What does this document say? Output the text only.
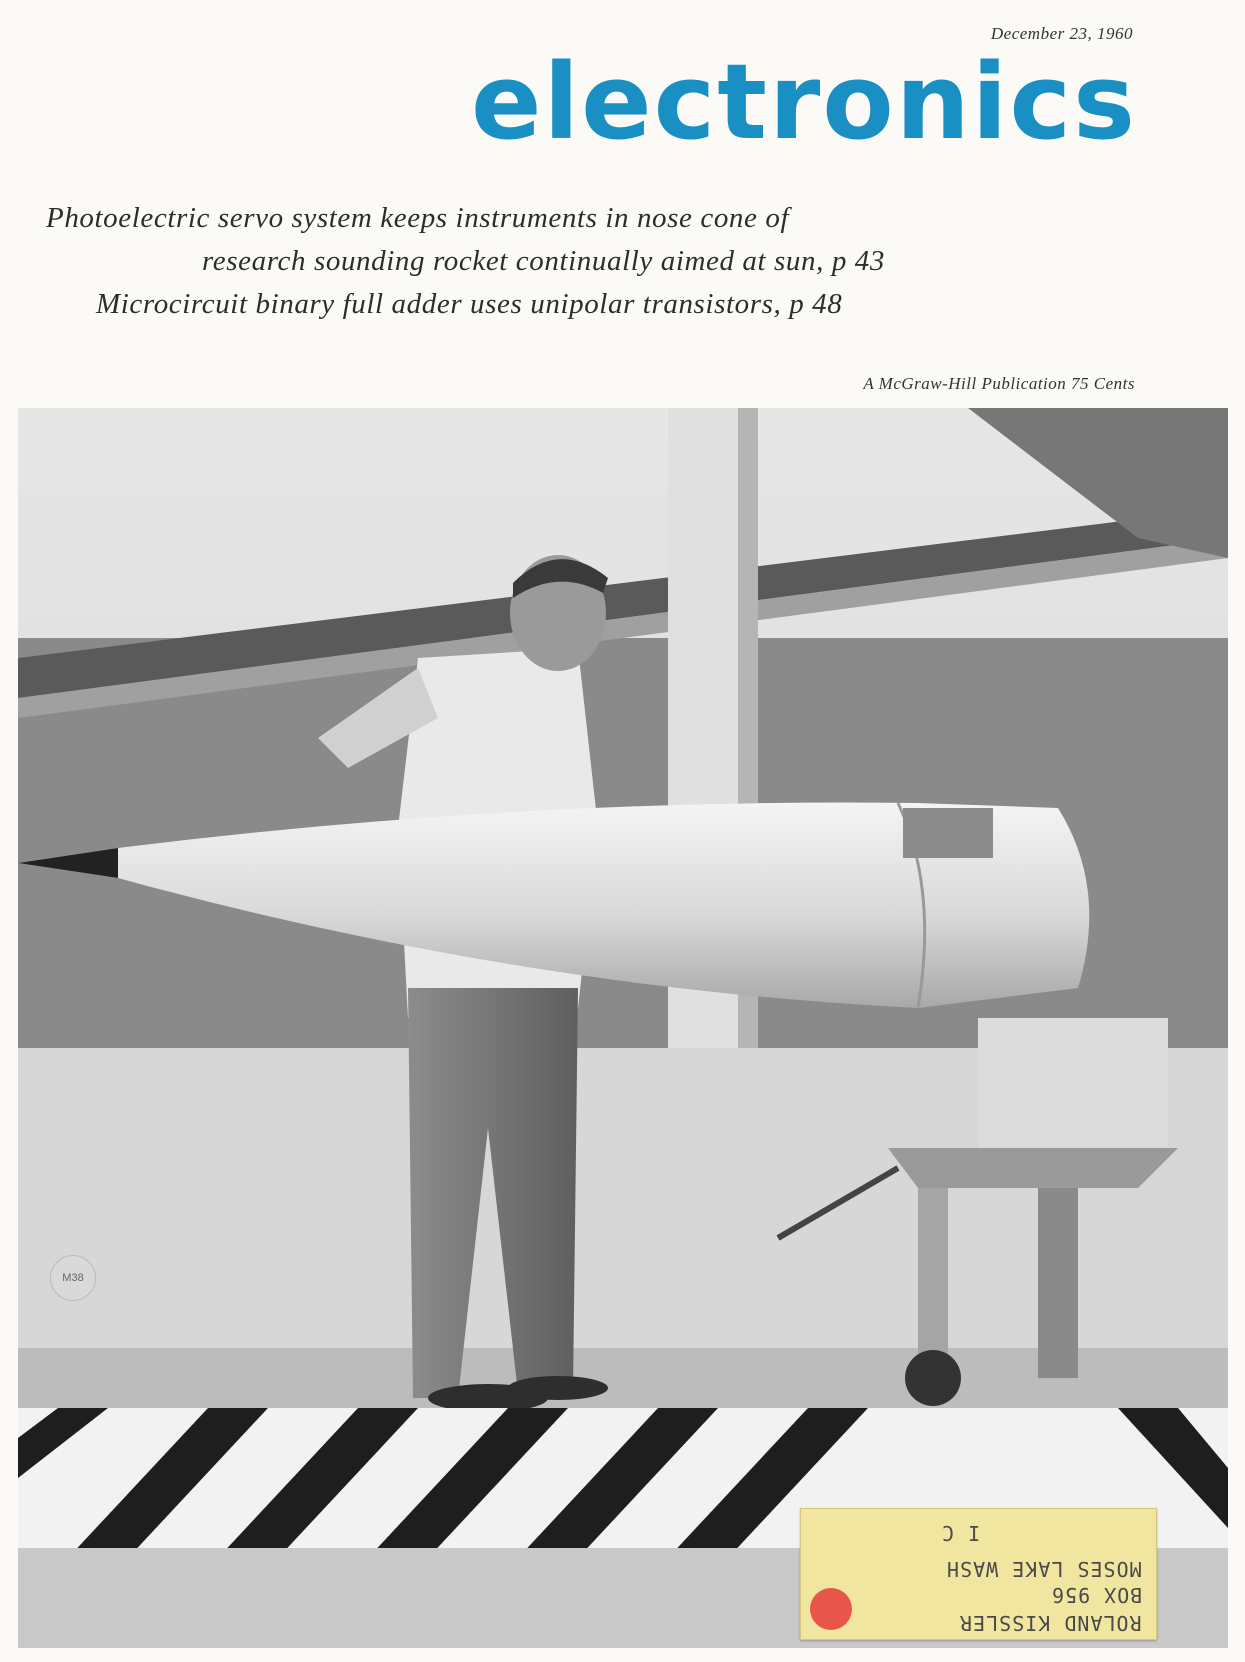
December 23, 1960
electronics
Photoelectric servo system keeps instruments in nose cone of
research sounding rocket continually aimed at sun, p 43
Microcircuit binary full adder uses unipolar transistors, p 48
A McGraw-Hill Publication 75 Cents
M38
I C
MOSES LAKE WASH
BOX 956
ROLAND KISSLER
